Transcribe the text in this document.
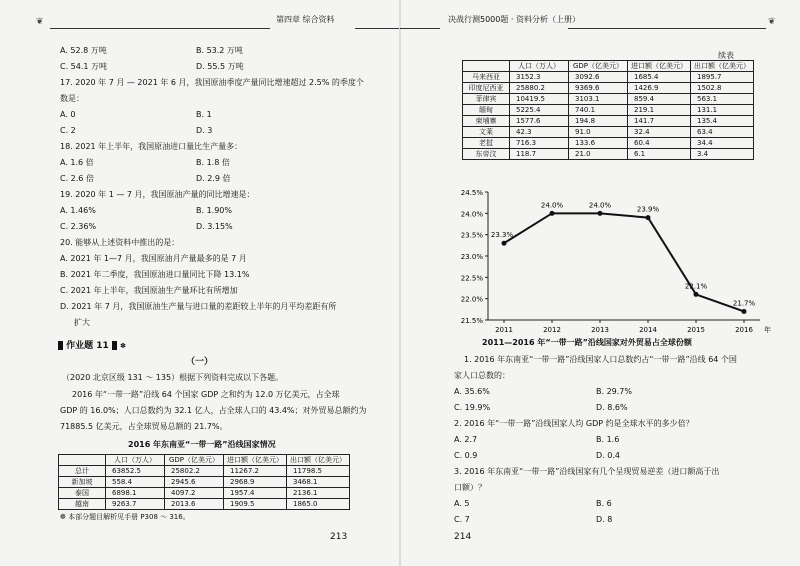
❦	第四章 综合资料
A. 52.8 万吨	B. 53.2 万吨
C. 54.1 万吨	D. 55.5 万吨
17. 2020 年 7 月 — 2021 年 6 月，我国原油季度产量同比增速超过 2.5% 的季度个
数是：
A. 0	B. 1
C. 2	D. 3
18. 2021 年上半年，我国原油进口量比生产量多：
A. 1.6 倍	B. 1.8 倍
C. 2.6 倍	D. 2.9 倍
19. 2020 年 1 — 7 月，我国原油产量的同比增速是：
A. 1.46%	B. 1.90%
C. 2.36%	D. 3.15%
20. 能够从上述资料中推出的是：
A. 2021 年 1—7 月，我国原油月产量最多的是 7 月
B. 2021 年二季度，我国原油进口量同比下降 13.1%
C. 2021 年上半年，我国原油生产量环比有所增加
D. 2021 年 7 月，我国原油生产量与进口量的差距较上半年的月平均差距有所
扩大
作业题 11 ✽
（一）
（2020 北京区级 131 ～ 135）根据下列资料完成以下各题。
2016 年“一带一路”沿线 64 个国家 GDP 之和约为 12.0 万亿美元，占全球
GDP 的 16.0%；人口总数约为 32.1 亿人，占全球人口的 43.4%；对外贸易总额约为
71885.5 亿美元，占全球贸易总额的 21.7%。
2016 年东南亚“一带一路”沿线国家情况
	人口（万人）	GDP（亿美元）	进口额（亿美元）	出口额（亿美元）
总计	63852.5	25802.2	11267.2	11798.5
新加坡	558.4	2945.6	2968.9	3468.1
泰国	6898.1	4097.2	1957.4	2136.1
越南	9263.7	2013.6	1909.5	1865.0
❁ 本部分题目解析见手册 P308 ～ 316。
213
决战行测5000题 · 资料分析（上册）	❦
续表
	人口（万人）	GDP（亿美元）	进口额（亿美元）	出口额（亿美元）
马来西亚	3152.3	3092.6	1685.4	1895.7
印度尼西亚	25880.2	9369.6	1426.9	1502.8
菲律宾	10419.5	3103.1	859.4	563.1
缅甸	5225.4	740.1	219.1	131.1
柬埔寨	1577.6	194.8	141.7	135.4
文莱	42.3	91.0	32.4	63.4
老挝	716.3	133.6	60.4	34.4
东帝汶	118.7	21.0	6.1	3.4
21.5%
22.0%
22.5%
23.0%
23.5%
24.0%
24.5%
2011	2012	2013	2014	2015	2016 年
23.3%
24.0%	24.0%
23.9%
22.1%
21.7%
2011—2016 年“一带一路”沿线国家对外贸易占全球份额
1. 2016 年东南亚“一带一路”沿线国家人口总数约占“一带一路”沿线 64 个国
家人口总数的：
A. 35.6%	B. 29.7%
C. 19.9%	D. 8.6%
2. 2016 年“一带一路”沿线国家人均 GDP 约是全球水平的多少倍？
A. 2.7	B. 1.6
C. 0.9	D. 0.4
3. 2016 年东南亚“一带一路”沿线国家有几个呈现贸易逆差（进口额高于出
口额）？
A. 5	B. 6
C. 7	D. 8
214
